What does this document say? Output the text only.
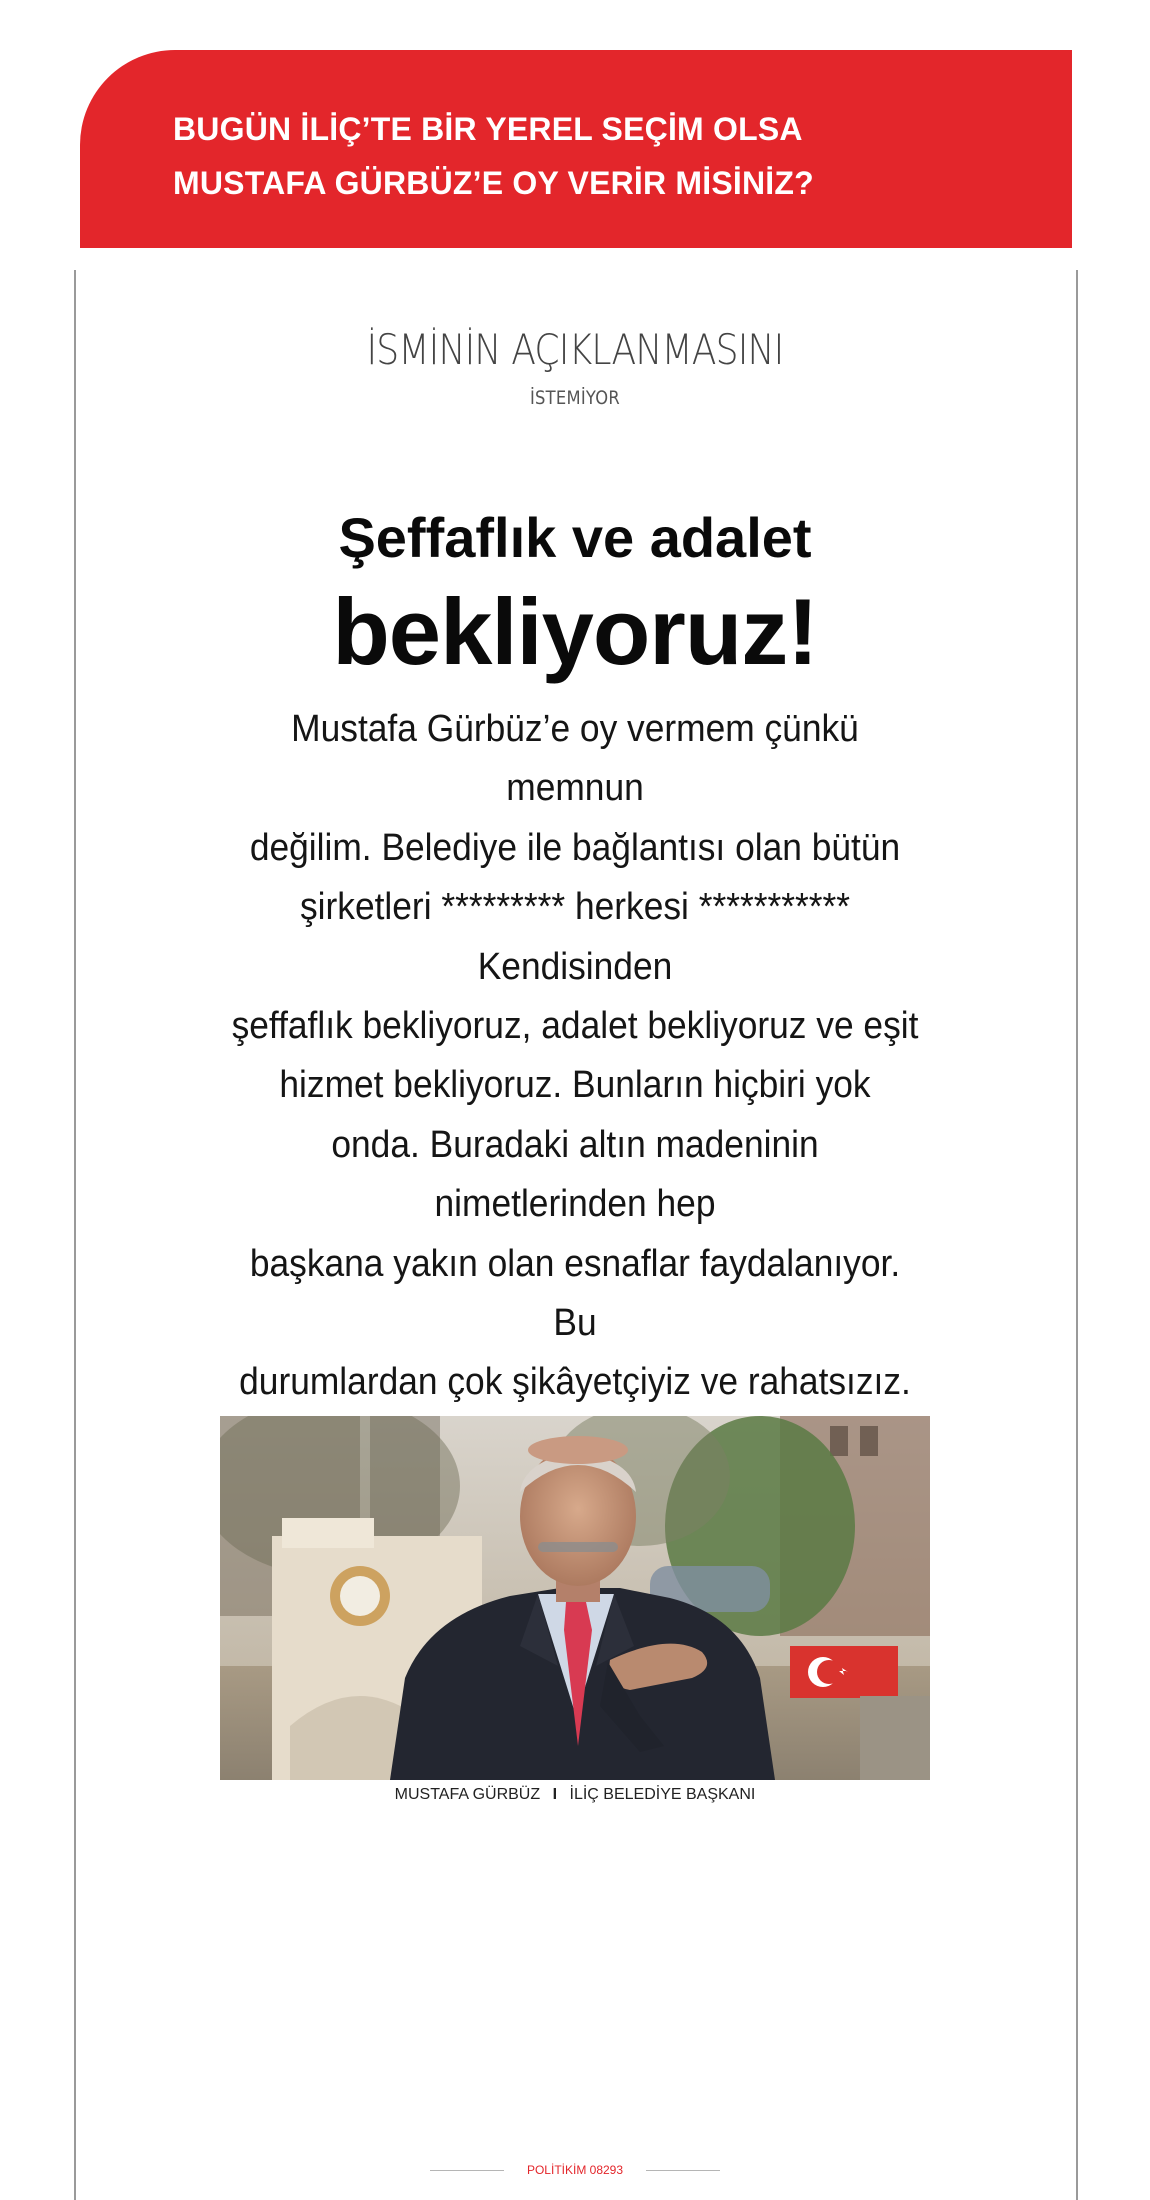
BUGÜN İLİÇ’TE BİR YEREL SEÇİM OLSA
MUSTAFA GÜRBÜZ’E OY VERİR MİSİNİZ?
İSMİNİN AÇIKLANMASINI
İSTEMİYOR
Şeffaflık ve adalet
bekliyoruz!
Mustafa Gürbüz’e oy vermem çünkü memnun
değilim. Belediye ile bağlantısı olan bütün
şirketleri ********* herkesi *********** Kendisinden
şeffaflık bekliyoruz, adalet bekliyoruz ve eşit
hizmet bekliyoruz. Bunların hiçbiri yok
onda. Buradaki altın madeninin nimetlerinden hep
başkana yakın olan esnaflar faydalanıyor. Bu
durumlardan çok şikâyetçiyiz ve rahatsızız.
MUSTAFA GÜRBÜZ I İLİÇ BELEDİYE BAŞKANI
POLİTİKİM 08293
